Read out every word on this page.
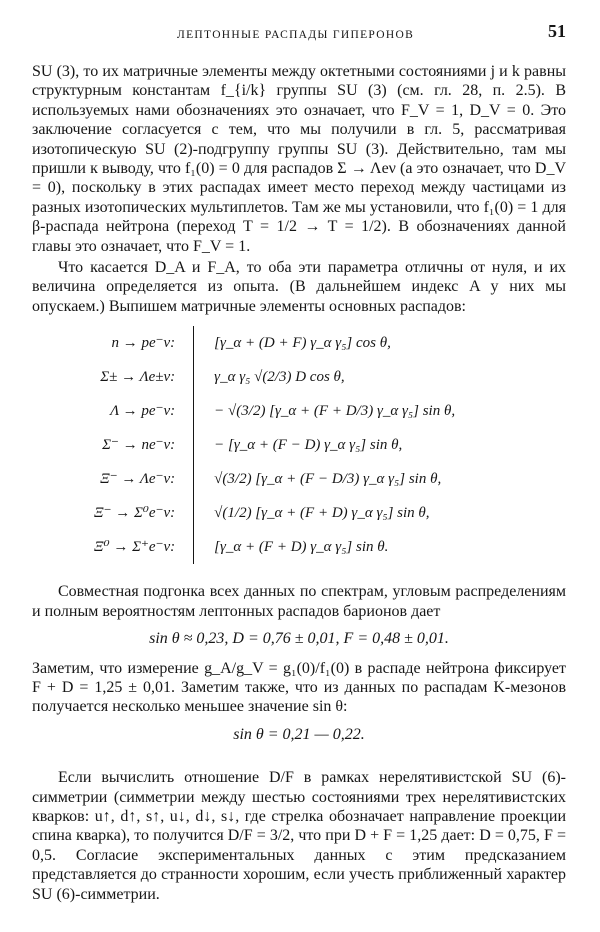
ЛЕПТОННЫЕ РАСПАДЫ ГИПЕРОНОВ	51

SU (3), то их матричные элементы между октетными состояниями j и k равны структурным константам f_{i/k} группы SU (3) (см. гл. 28, п. 2.5). В используемых нами обозначениях это означает, что F_V = 1, D_V = 0. Это заключение согласуется с тем, что мы получили в гл. 5, рассматривая изотопическую SU (2)-подгруппу группы SU (3). Действительно, там мы пришли к выводу, что f₁(0) = 0 для распадов Σ → Λeν (а это означает, что D_V = 0), поскольку в этих распадах имеет место переход между частицами из разных изотопических мультиплетов. Там же мы установили, что f₁(0) = 1 для β-распада нейтрона (переход T = 1/2 → T = 1/2). В обозначениях данной главы это означает, что F_V = 1.

Что касается D_A и F_A, то оба эти параметра отличны от нуля, и их величина определяется из опыта. (В дальнейшем индекс A у них мы опускаем.) Выпишем матричные элементы основных распадов:

n → pe⁻ν:	[γ_α + (D + F) γ_α γ₅] cos θ,
Σ± → Λe±ν:	γ_α γ₅ √(2/3) D cos θ,
Λ → pe⁻ν:	− √(3/2) [γ_α + (F + D/3) γ_α γ₅] sin θ,
Σ⁻ → ne⁻ν:	− [γ_α + (F − D) γ_α γ₅] sin θ,
Ξ⁻ → Λe⁻ν:	√(3/2) [γ_α + (F − D/3) γ_α γ₅] sin θ,
Ξ⁻ → Σ⁰e⁻ν:	√(1/2) [γ_α + (F + D) γ_α γ₅] sin θ,
Ξ⁰ → Σ⁺e⁻ν:	[γ_α + (F + D) γ_α γ₅] sin θ.

Совместная подгонка всех данных по спектрам, угловым распределениям и полным вероятностям лептонных распадов барионов дает

sin θ ≈ 0,23, D = 0,76 ± 0,01, F = 0,48 ± 0,01.

Заметим, что измерение g_A/g_V = g₁(0)/f₁(0) в распаде нейтрона фиксирует F + D = 1,25 ± 0,01. Заметим также, что из данных по распадам K-мезонов получается несколько меньшее значение sin θ:

sin θ = 0,21 — 0,22.

Если вычислить отношение D/F в рамках нерелятивистской SU (6)-симметрии (симметрии между шестью состояниями трех нерелятивистских кварков: u↑, d↑, s↑, u↓, d↓, s↓, где стрелка обозначает направление проекции спина кварка), то получится D/F = 3/2, что при D + F = 1,25 дает: D = 0,75, F = 0,5. Согласие экспериментальных данных с этим предсказанием представляется до странности хорошим, если учесть приближенный характер SU (6)-симметрии.
